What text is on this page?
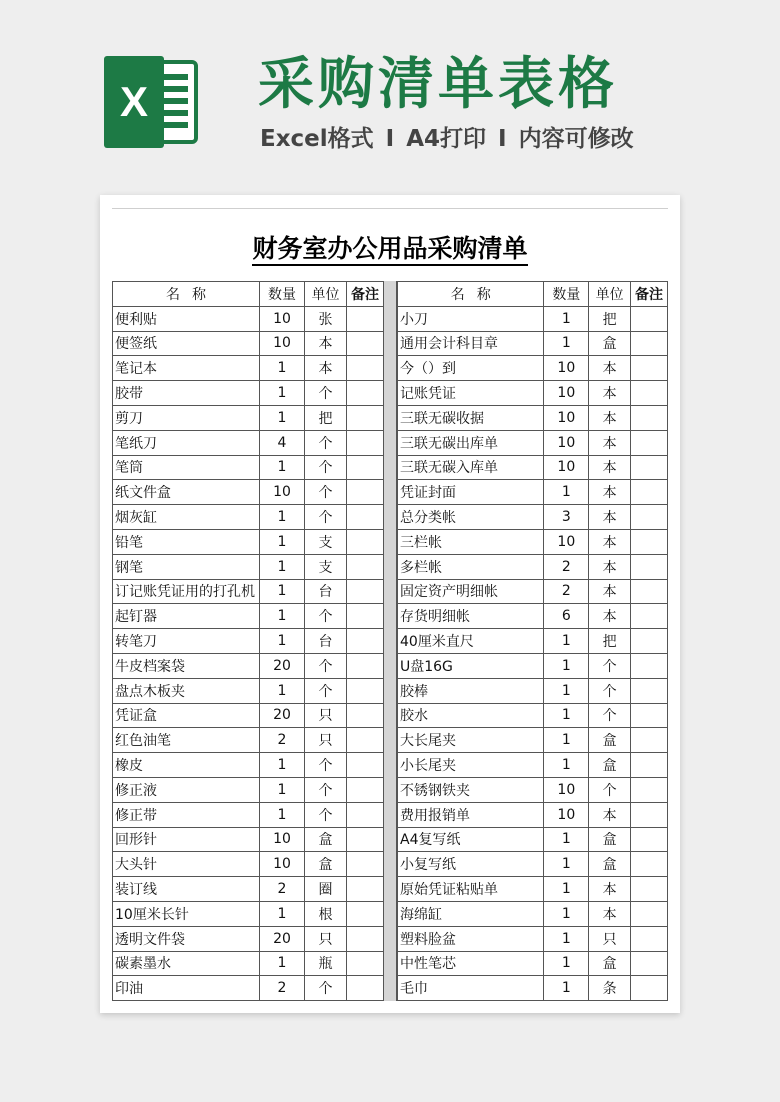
X 采购清单表格
Excel格式 I A4打印 I 内容可修改
财务室办公用品采购清单
名称	数量	单位	备注
便利贴	10	张	
便签纸	10	本	
笔记本	1	本	
胶带	1	个	
剪刀	1	把	
笔纸刀	4	个	
笔筒	1	个	
纸文件盒	10	个	
烟灰缸	1	个	
铅笔	1	支	
钢笔	1	支	
订记账凭证用的打孔机	1	台	
起钉器	1	个	
转笔刀	1	台	
牛皮档案袋	20	个	
盘点木板夹	1	个	
凭证盒	20	只	
红色油笔	2	只	
橡皮	1	个	
修正液	1	个	
修正带	1	个	
回形针	10	盒	
大头针	10	盒	
装订线	2	圈	
10厘米长针	1	根	
透明文件袋	20	只	
碳素墨水	1	瓶	
印油	2	个	
名称	数量	单位	备注
小刀	1	把	
通用会计科目章	1	盒	
今（）到	10	本	
记账凭证	10	本	
三联无碳收据	10	本	
三联无碳出库单	10	本	
三联无碳入库单	10	本	
凭证封面	1	本	
总分类帐	3	本	
三栏帐	10	本	
多栏帐	2	本	
固定资产明细帐	2	本	
存货明细帐	6	本	
40厘米直尺	1	把	
U盘16G	1	个	
胶棒	1	个	
胶水	1	个	
大长尾夹	1	盒	
小长尾夹	1	盒	
不锈钢铁夹	10	个	
费用报销单	10	本	
A4复写纸	1	盒	
小复写纸	1	盒	
原始凭证粘贴单	1	本	
海绵缸	1	本	
塑料脸盆	1	只	
中性笔芯	1	盒	
毛巾	1	条	
